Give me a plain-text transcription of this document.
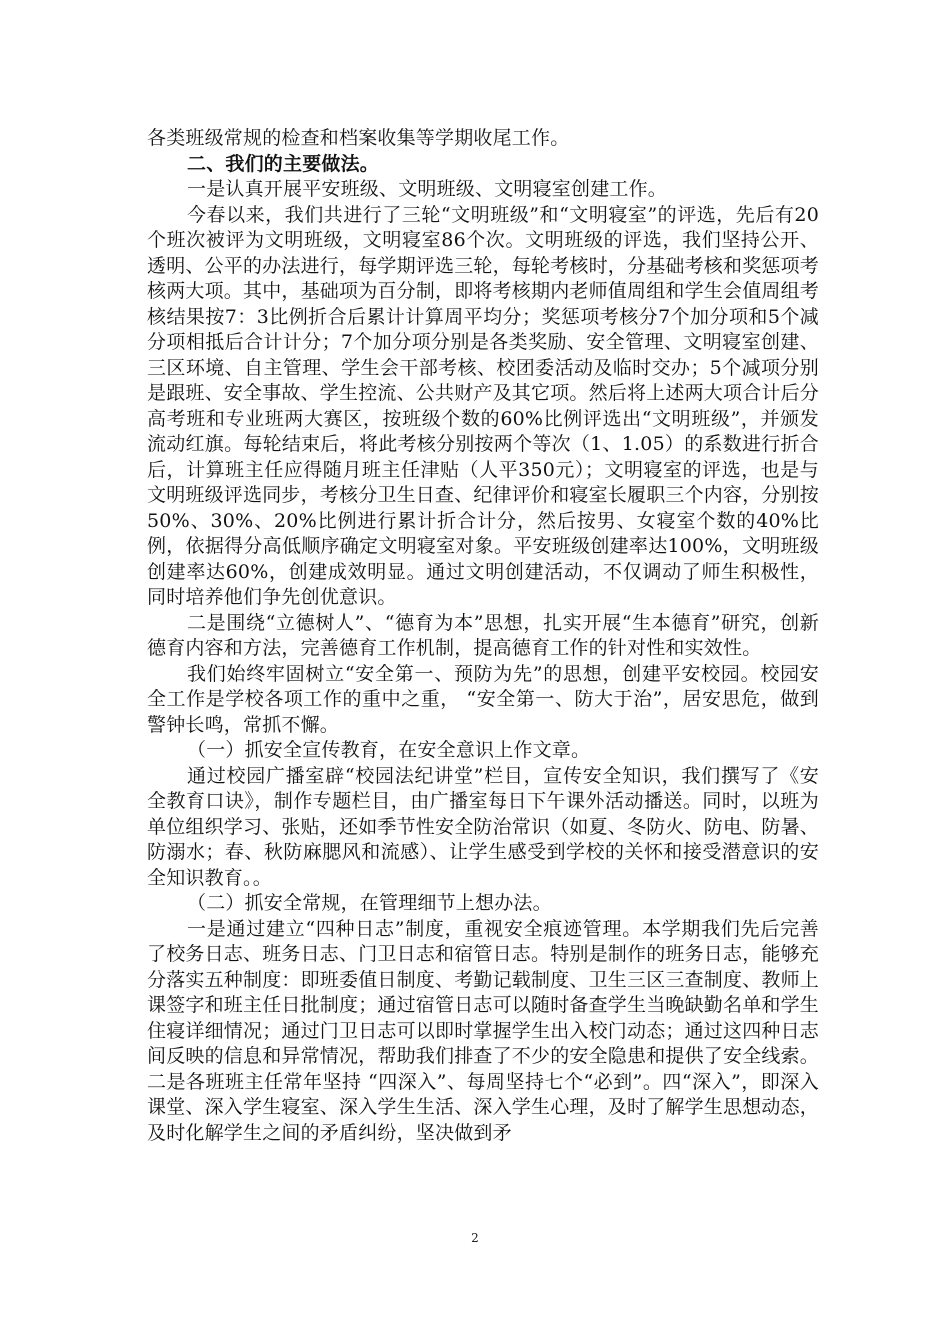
各类班级常规的检查和档案收集等学期收尾工作。

二、我们的主要做法。

一是认真开展平安班级、文明班级、文明寝室创建工作。

今春以来，我们共进行了三轮“文明班级”和“文明寝室”的评选，先后有20个班次被评为文明班级，文明寝室86个次。文明班级的评选，我们坚持公开、透明、公平的办法进行，每学期评选三轮，每轮考核时，分基础考核和奖惩项考核两大项。其中，基础项为百分制，即将考核期内老师值周组和学生会值周组考核结果按7：3比例折合后累计计算周平均分；奖惩项考核分7个加分项和5个减分项相抵后合计计分；7个加分项分别是各类奖励、安全管理、文明寝室创建、三区环境、自主管理、学生会干部考核、校团委活动及临时交办；5个减项分别是跟班、安全事故、学生控流、公共财产及其它项。然后将上述两大项合计后分高考班和专业班两大赛区，按班级个数的60%比例评选出“文明班级”，并颁发流动红旗。每轮结束后，将此考核分别按两个等次（1、1.05）的系数进行折合后，计算班主任应得随月班主任津贴（人平350元）；文明寝室的评选，也是与文明班级评选同步，考核分卫生日查、纪律评价和寝室长履职三个内容，分别按50%、30%、20%比例进行累计折合计分，然后按男、女寝室个数的40%比例，依据得分高低顺序确定文明寝室对象。平安班级创建率达100%，文明班级创建率达60%，创建成效明显。通过文明创建活动，不仅调动了师生积极性，同时培养他们争先创优意识。

二是围绕“立德树人”、“德育为本”思想，扎实开展“生本德育”研究，创新德育内容和方法，完善德育工作机制，提高德育工作的针对性和实效性。

我们始终牢固树立“安全第一、预防为先”的思想，创建平安校园。校园安全工作是学校各项工作的重中之重， “安全第一、防大于治”，居安思危，做到警钟长鸣，常抓不懈。

（一）抓安全宣传教育，在安全意识上作文章。

通过校园广播室辟“校园法纪讲堂”栏目，宣传安全知识，我们撰写了《安全教育口诀》，制作专题栏目，由广播室每日下午课外活动播送。同时，以班为单位组织学习、张贴，还如季节性安全防治常识（如夏、冬防火、防电、防暑、防溺水；春、秋防麻腮风和流感）、让学生感受到学校的关怀和接受潜意识的安全知识教育。。

（二）抓安全常规，在管理细节上想办法。

一是通过建立“四种日志”制度，重视安全痕迹管理。本学期我们先后完善了校务日志、班务日志、门卫日志和宿管日志。特别是制作的班务日志，能够充分落实五种制度：即班委值日制度、考勤记载制度、卫生三区三查制度、教师上课签字和班主任日批制度；通过宿管日志可以随时备查学生当晚缺勤名单和学生住寝详细情况；通过门卫日志可以即时掌握学生出入校门动态；通过这四种日志间反映的信息和异常情况，帮助我们排查了不少的安全隐患和提供了安全线索。

二是各班班主任常年坚持 “四深入”、每周坚持七个“必到”。四“深入”，即深入课堂、深入学生寝室、深入学生生活、深入学生心理，及时了解学生思想动态，及时化解学生之间的矛盾纠纷，坚决做到矛

2
